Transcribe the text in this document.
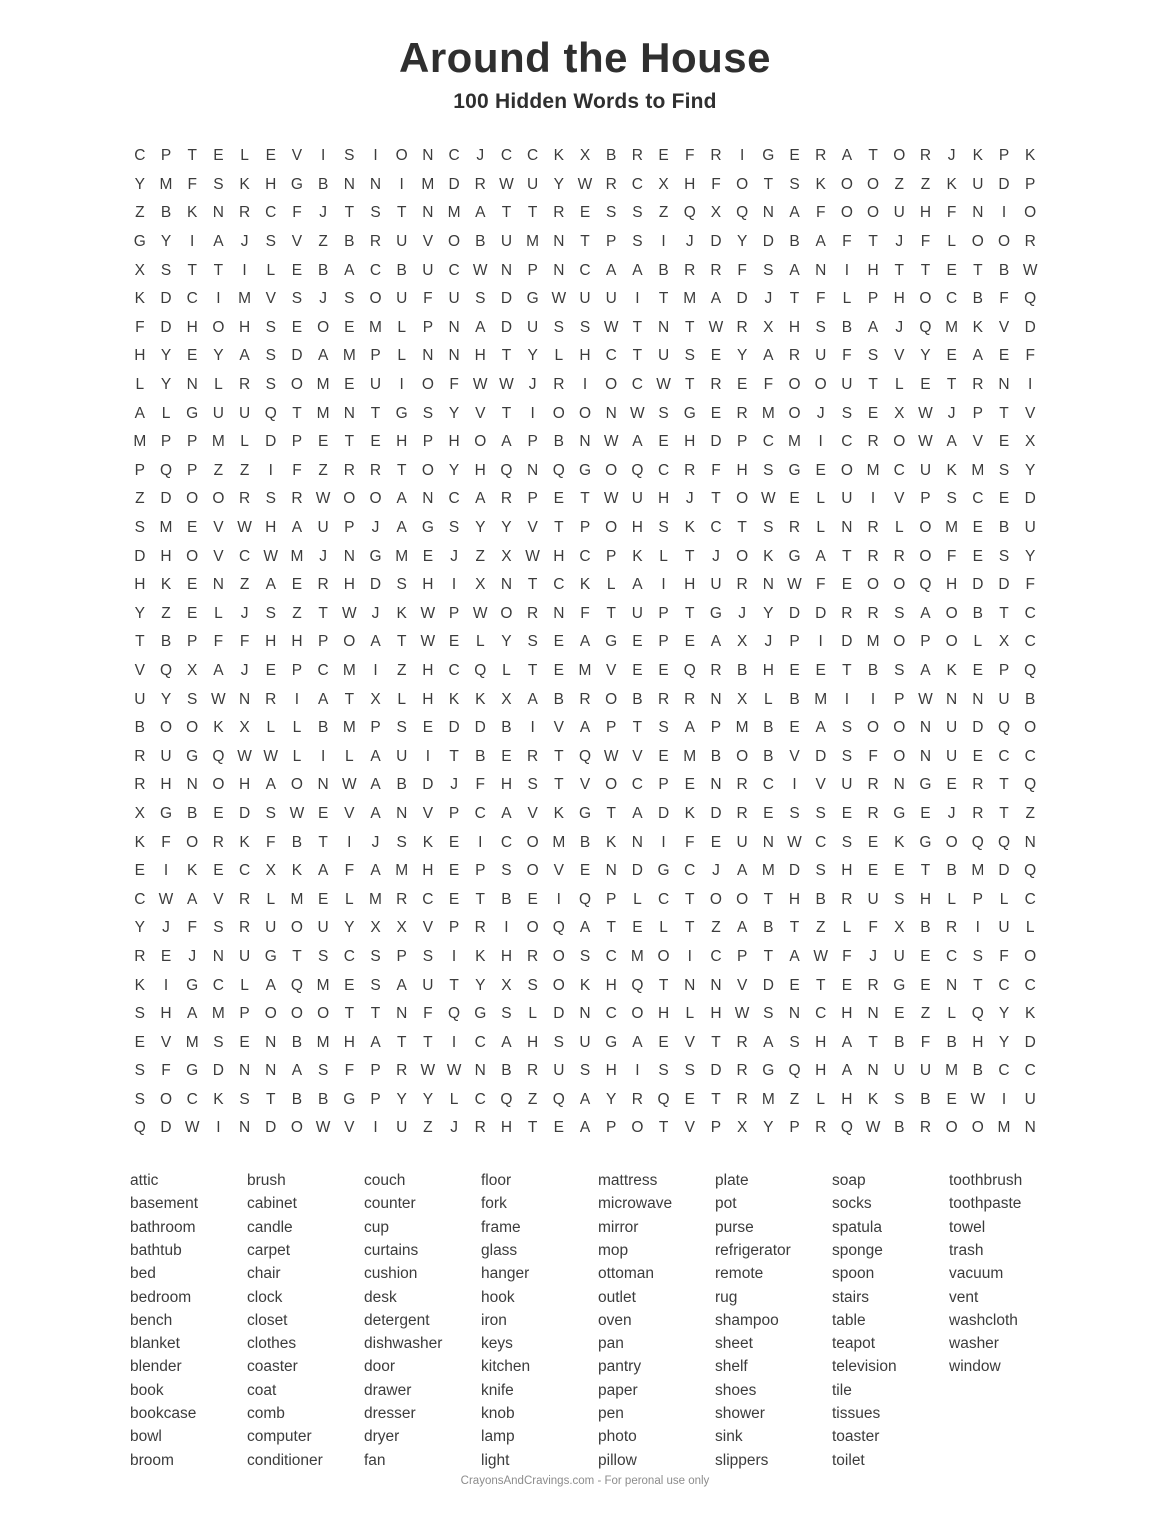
Around the House
100 Hidden Words to Find
C P	T	E	L	E	V	I	S	I	O N C	J	C C K	X	B R E	F	R	I	G E R A	T O R	J	K	P	K
Y M F	S	K H G B N N	I	M D R W U Y W R C X H	F O T	S	K O O Z	Z	K U D P
Z	B	K N R C	F	J	T	S	T	N M A	T	T	R E	S	S	Z Q X Q N A	F O O U H	F	N	I	O
G Y	I	A	J	S	V	Z	B R U V O B U M N	T	P	S	I	J	D Y D B	A	F	T	J	F	L	O O R
X	S	T	T	I	L	E	B	A C B U C W N P N C A	A	B R R	F	S	A N	I	H	T	T	E	T	B W
K D C	I	M V	S	J	S O U	F	U S D G W U U	I	T M A D	J	T	F	L	P H O C B	F Q
F	D H O H S	E O E M L	P N A D U S	S W T	N	T W R X H S	B	A	J	Q M K	V D
H Y	E	Y	A	S D A M P	L	N N H	T	Y	L	H C	T	U S	E	Y	A R U	F	S	V	Y	E	A	E	F
L	Y N	L	R S O M E U	I	O F W W J	R	I	O C W T	R E	F O O U	T	L	E	T	R N	I
A	L	G U U Q T M N	T G S	Y	V	T	I	O O N W S G E R M O	J	S	E	X W J	P	T	V
M P	P M L	D P	E	T	E H P H O A	P	B N W A	E H D P C M	I	C R O W A	V	E	X
P Q P	Z	Z	I	F	Z	R R	T O Y H Q N Q G O Q C R	F	H S G E O M C U K M S	Y
Z	D O O R S R W O O A N C A R P	E	T W U H	J	T O W E	L	U	I	V	P	S C E D
S M E	V W H A U P	J	A G S	Y	Y	V	T	P O H S	K C	T	S R	L	N R	L	O M E	B U
D H O V C W M	J	N G M E	J	Z	X W H C P	K	L	T	J	O K G A	T	R R O F	E	S	Y
H K	E N	Z	A	E R H D S H	I	X N	T	C K	L	A	I	H U R N W F	E O O Q H D D	F
Y	Z	E	L	J	S	Z	T W J	K W P W O R N	F	T	U P	T G	J	Y D D R R S	A O B	T	C
T	B	P	F	F	H H P O A	T W E	L	Y	S	E	A G E	P	E	A	X	J	P	I	D M O P O	L	X C
V Q X	A	J	E	P C M	I	Z	H C Q	L	T	E M V	E	E Q R B H E	E	T	B	S	A	K	E	P Q
U Y	S W N R	I	A	T	X	L	H K	K	X	A	B R O B R R N X	L	B M	I	I	P W N N U B
B O O K	X	L	L	B M P	S	E D D B	I	V	A	P	T	S	A	P M B	E	A	S O O N U D Q O
R U G Q W W L	I	L	A U	I	T	B	E R	T Q W V	E M B O B	V D S	F O N U E C C
R H N O H A O N W A	B D	J	F	H S	T	V O C P	E N R C	I	V U R N G E R	T Q
X G B	E D S W E	V	A N V	P C A	V	K G T	A D K D R E	S	S	E R G E	J	R	T	Z
K	F O R K	F	B	T	I	J	S	K	E	I	C O M B	K N	I	F	E U N W C S	E	K G O Q Q N
E	I	K	E C X	K	A	F	A M H E	P	S O V	E N D G C	J	A M D S H E	E	T	B M D Q
C W A	V R	L M E	L M R C E	T	B	E	I	Q P	L	C	T O O T	H B R U S H	L	P	L	C
Y	J	F	S R U O U Y	X	X	V	P R	I	O Q A	T	E	L	T	Z	A	B	T	Z	L	F	X	B R	I	U	L
R E	J	N U G T	S C S	P	S	I	K H R O S C M O	I	C P	T	A W F	J	U E C S	F O
K	I	G C	L	A Q M E	S	A U	T	Y	X	S O K H Q T	N N V D E	T	E R G E N	T	C C
S H A M P O O O T	T	N	F Q G S	L	D N C O H	L	H W S N C H N E	Z	L	Q Y	K
E	V M S	E N B M H A	T	T	I	C A H S U G A	E	V	T	R A	S H A	T	B	F	B H Y D
S	F G D N N A	S	F	P R W W N B R U S H	I	S	S D R G Q H A N U U M B C C
S O C K	S	T	B	B G P	Y	Y	L	C Q Z Q A	Y R Q E	T	R M Z	L	H K	S	B	E W	I	U
Q D W	I	N D O W V	I	U	Z	J	R H	T	E	A	P O T	V	P	X	Y	P R Q W B R O O M N
attic
basement
bathroom
bathtub
bed
bedroom
bench
blanket
blender
book
bookcase
bowl
broom
brush
cabinet
candle
carpet
chair
clock
closet
clothes
coaster
coat
comb
computer
conditioner
couch
counter
cup
curtains
cushion
desk
detergent
dishwasher
door
drawer
dresser
dryer
fan
floor
fork
frame
glass
hanger
hook
iron
keys
kitchen
knife
knob
lamp
light
mattress
microwave
mirror
mop
ottoman
outlet
oven
pan
pantry
paper
pen
photo
pillow
plate
pot
purse
refrigerator
remote
rug
shampoo
sheet
shelf
shoes
shower
sink
slippers
soap
socks
spatula
sponge
spoon
stairs
table
teapot
television
tile
tissues
toaster
toilet
toothbrush
toothpaste
towel
trash
vacuum
vent
washcloth
washer
window
CrayonsAndCravings.com - For peronal use only
